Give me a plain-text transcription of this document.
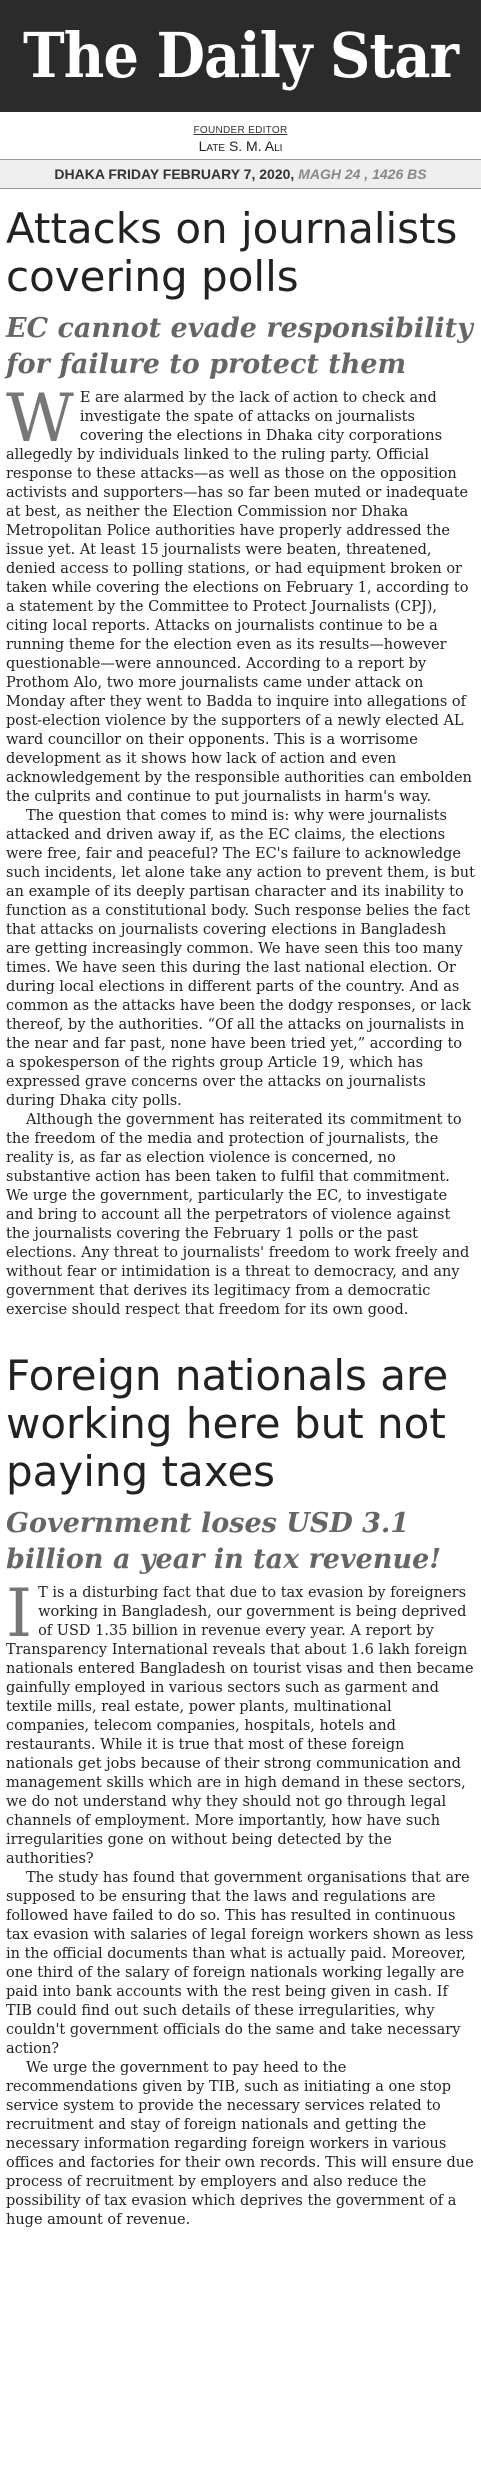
The Daily Star
FOUNDER EDITOR
Late S. M. Ali
DHAKA FRIDAY FEBRUARY 7, 2020, MAGH 24 , 1426 BS
Attacks on journalists covering polls
EC cannot evade responsibility for failure to protect them

W E are alarmed by the lack of action to check and investigate the spate of attacks on journalists covering the elections in Dhaka city corporations allegedly by individuals linked to the ruling party. Official response to these attacks—as well as those on the opposition activists and supporters—has so far been muted or inadequate at best, as neither the Election Commission nor Dhaka Metropolitan Police authorities have properly addressed the issue yet. At least 15 journalists were beaten, threatened, denied access to polling stations, or had equipment broken or taken while covering the elections on February 1, according to a statement by the Committee to Protect Journalists (CPJ), citing local reports. Attacks on journalists continue to be a running theme for the election even as its results—however questionable—were announced. According to a report by Prothom Alo, two more journalists came under attack on Monday after they went to Badda to inquire into allegations of post-election violence by the supporters of a newly elected AL ward councillor on their opponents. This is a worrisome development as it shows how lack of action and even acknowledgement by the responsible authorities can embolden the culprits and continue to put journalists in harm's way.

The question that comes to mind is: why were journalists attacked and driven away if, as the EC claims, the elections were free, fair and peaceful? The EC's failure to acknowledge such incidents, let alone take any action to prevent them, is but an example of its deeply partisan character and its inability to function as a constitutional body. Such response belies the fact that attacks on journalists covering elections in Bangladesh are getting increasingly common. We have seen this too many times. We have seen this during the last national election. Or during local elections in different parts of the country. And as common as the attacks have been the dodgy responses, or lack thereof, by the authorities. “Of all the attacks on journalists in the near and far past, none have been tried yet,” according to a spokesperson of the rights group Article 19, which has expressed grave concerns over the attacks on journalists during Dhaka city polls.

Although the government has reiterated its commitment to the freedom of the media and protection of journalists, the reality is, as far as election violence is concerned, no substantive action has been taken to fulfil that commitment. We urge the government, particularly the EC, to investigate and bring to account all the perpetrators of violence against the journalists covering the February 1 polls or the past elections. Any threat to journalists' freedom to work freely and without fear or intimidation is a threat to democracy, and any government that derives its legitimacy from a democratic exercise should respect that freedom for its own good.

Foreign nationals are working here but not paying taxes
Government loses USD 3.1 billion a year in tax revenue!

I T is a disturbing fact that due to tax evasion by foreigners working in Bangladesh, our government is being deprived of USD 1.35 billion in revenue every year. A report by Transparency International reveals that about 1.6 lakh foreign nationals entered Bangladesh on tourist visas and then became gainfully employed in various sectors such as garment and textile mills, real estate, power plants, multinational companies, telecom companies, hospitals, hotels and restaurants. While it is true that most of these foreign nationals get jobs because of their strong communication and management skills which are in high demand in these sectors, we do not understand why they should not go through legal channels of employment. More importantly, how have such irregularities gone on without being detected by the authorities?

The study has found that government organisations that are supposed to be ensuring that the laws and regulations are followed have failed to do so. This has resulted in continuous tax evasion with salaries of legal foreign workers shown as less in the official documents than what is actually paid. Moreover, one third of the salary of foreign nationals working legally are paid into bank accounts with the rest being given in cash. If TIB could find out such details of these irregularities, why couldn't government officials do the same and take necessary action?

We urge the government to pay heed to the recommendations given by TIB, such as initiating a one stop service system to provide the necessary services related to recruitment and stay of foreign nationals and getting the necessary information regarding foreign workers in various offices and factories for their own records. This will ensure due process of recruitment by employers and also reduce the possibility of tax evasion which deprives the government of a huge amount of revenue.
